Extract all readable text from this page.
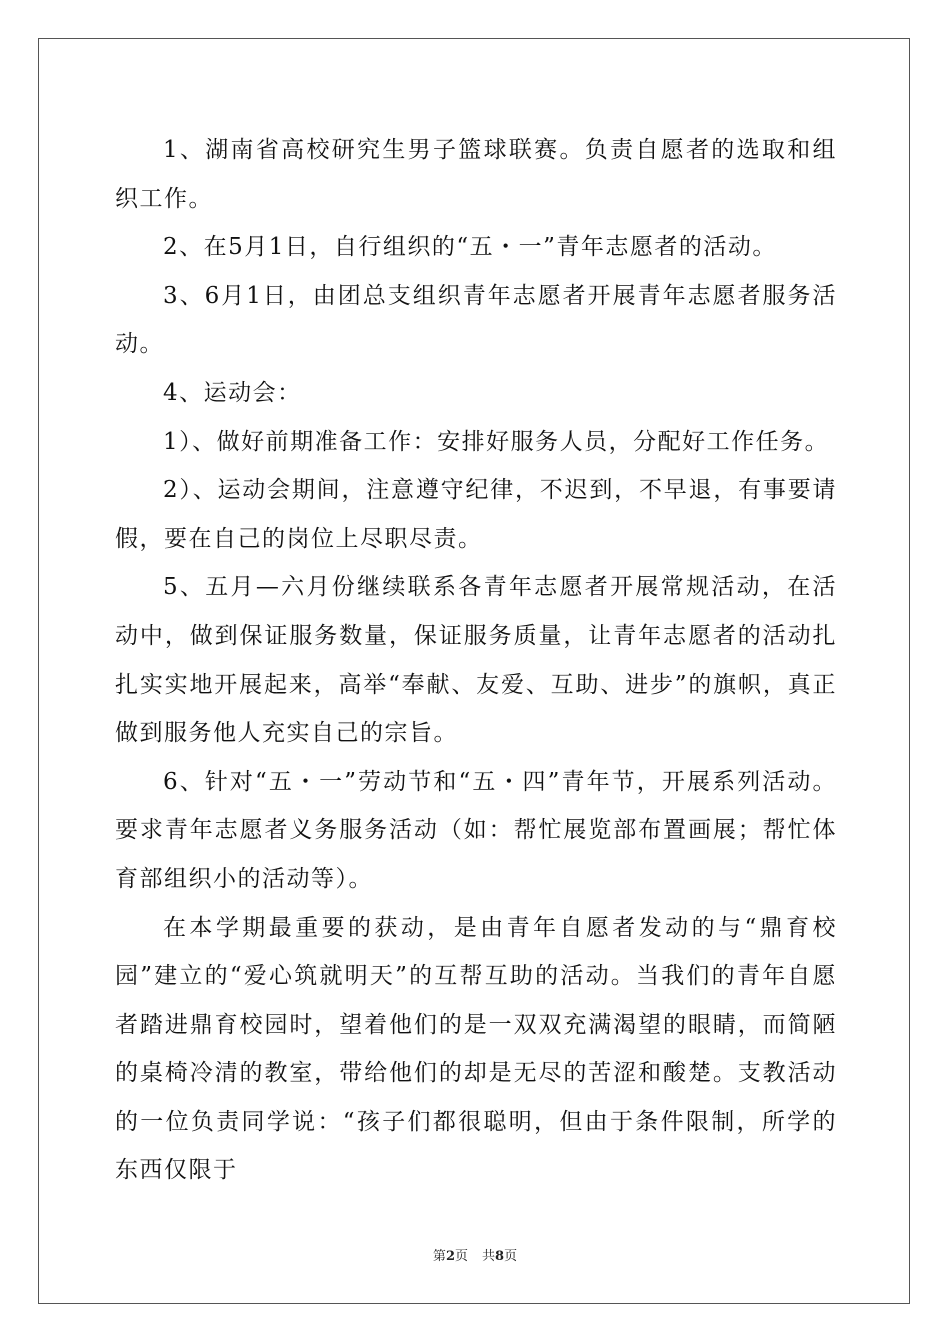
1、湖南省高校研究生男子篮球联赛。负责自愿者的选取和组织工作。

2、在5月1日，自行组织的“五・一”青年志愿者的活动。

3、6月1日，由团总支组织青年志愿者开展青年志愿者服务活动。

4、运动会：

1）、做好前期准备工作：安排好服务人员，分配好工作任务。

2）、运动会期间，注意遵守纪律，不迟到，不早退，有事要请假，要在自己的岗位上尽职尽责。

5、五月—六月份继续联系各青年志愿者开展常规活动，在活动中，做到保证服务数量，保证服务质量，让青年志愿者的活动扎扎实实地开展起来，高举“奉献、友爱、互助、进步”的旗帜，真正做到服务他人充实自己的宗旨。

6、针对“五・一”劳动节和“五・四”青年节，开展系列活动。要求青年志愿者义务服务活动（如：帮忙展览部布置画展；帮忙体育部组织小的活动等）。

在本学期最重要的获动，是由青年自愿者发动的与“鼎育校园”建立的“爱心筑就明天”的互帮互助的活动。当我们的青年自愿者踏进鼎育校园时，望着他们的是一双双充满渴望的眼睛，而简陋的桌椅冷清的教室，带给他们的却是无尽的苦涩和酸楚。支教活动的一位负责同学说：“孩子们都很聪明，但由于条件限制，所学的东西仅限于

第2页 共8页
